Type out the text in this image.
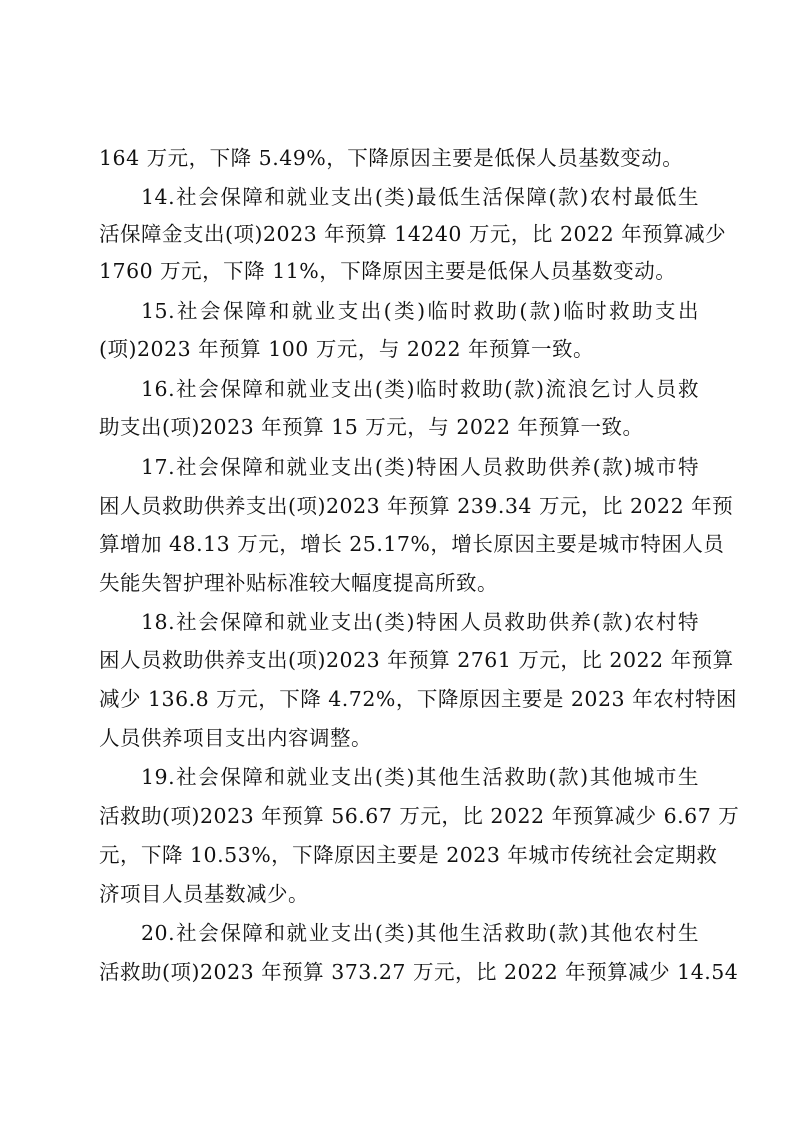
164 万元，下降 5.49%，下降原因主要是低保人员基数变动。
14.社会保障和就业支出(类)最低生活保障(款)农村最低生
活保障金支出(项)2023 年预算 14240 万元，比 2022 年预算减少
1760 万元，下降 11%，下降原因主要是低保人员基数变动。
15.社会保障和就业支出(类)临时救助(款)临时救助支出
(项)2023 年预算 100 万元，与 2022 年预算一致。
16.社会保障和就业支出(类)临时救助(款)流浪乞讨人员救
助支出(项)2023 年预算 15 万元，与 2022 年预算一致。
17.社会保障和就业支出(类)特困人员救助供养(款)城市特
困人员救助供养支出(项)2023 年预算 239.34 万元，比 2022 年预
算增加 48.13 万元，增长 25.17%，增长原因主要是城市特困人员
失能失智护理补贴标准较大幅度提高所致。
18.社会保障和就业支出(类)特困人员救助供养(款)农村特
困人员救助供养支出(项)2023 年预算 2761 万元，比 2022 年预算
减少 136.8 万元，下降 4.72%，下降原因主要是 2023 年农村特困
人员供养项目支出内容调整。
19.社会保障和就业支出(类)其他生活救助(款)其他城市生
活救助(项)2023 年预算 56.67 万元，比 2022 年预算减少 6.67 万
元，下降 10.53%，下降原因主要是 2023 年城市传统社会定期救
济项目人员基数减少。
20.社会保障和就业支出(类)其他生活救助(款)其他农村生
活救助(项)2023 年预算 373.27 万元，比 2022 年预算减少 14.54
